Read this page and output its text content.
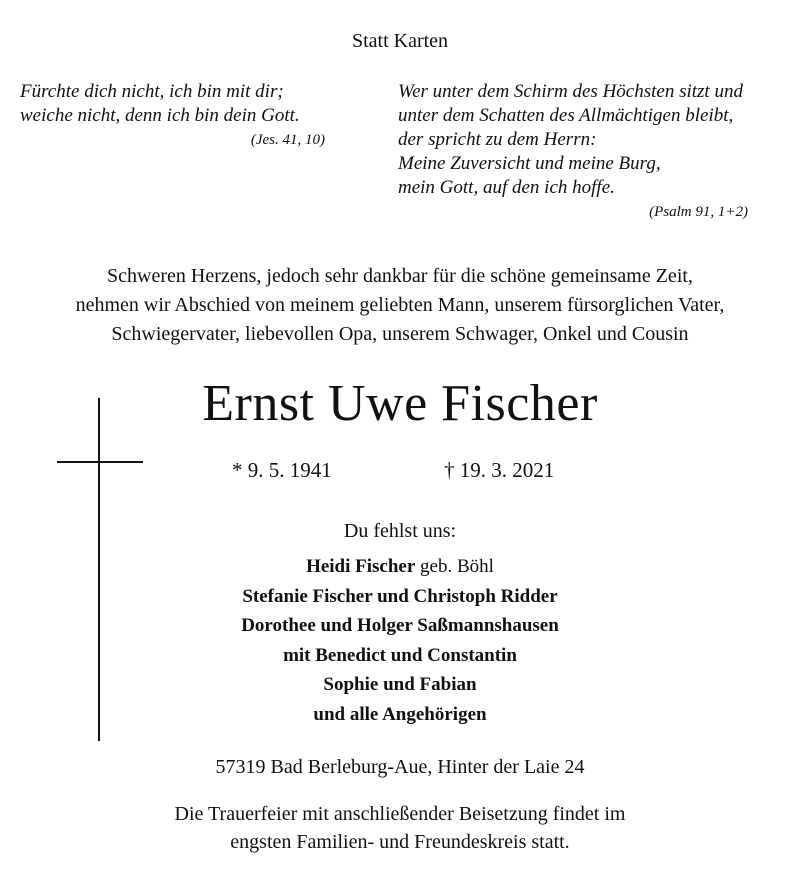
Statt Karten
Fürchte dich nicht, ich bin mit dir;
weiche nicht, denn ich bin dein Gott.
(Jes. 41, 10)
Wer unter dem Schirm des Höchsten sitzt und
unter dem Schatten des Allmächtigen bleibt,
der spricht zu dem Herrn:
Meine Zuversicht und meine Burg,
mein Gott, auf den ich hoffe.
(Psalm 91, 1+2)
Schweren Herzens, jedoch sehr dankbar für die schöne gemeinsame Zeit,
nehmen wir Abschied von meinem geliebten Mann, unserem fürsorglichen Vater,
Schwiegervater, liebevollen Opa, unserem Schwager, Onkel und Cousin
Ernst Uwe Fischer
* 9. 5. 1941	† 19. 3. 2021
Du fehlst uns:
Heidi Fischer geb. Böhl
Stefanie Fischer und Christoph Ridder
Dorothee und Holger Saßmannshausen
mit Benedict und Constantin
Sophie und Fabian
und alle Angehörigen
57319 Bad Berleburg-Aue, Hinter der Laie 24
Die Trauerfeier mit anschließender Beisetzung findet im
engsten Familien- und Freundeskreis statt.
